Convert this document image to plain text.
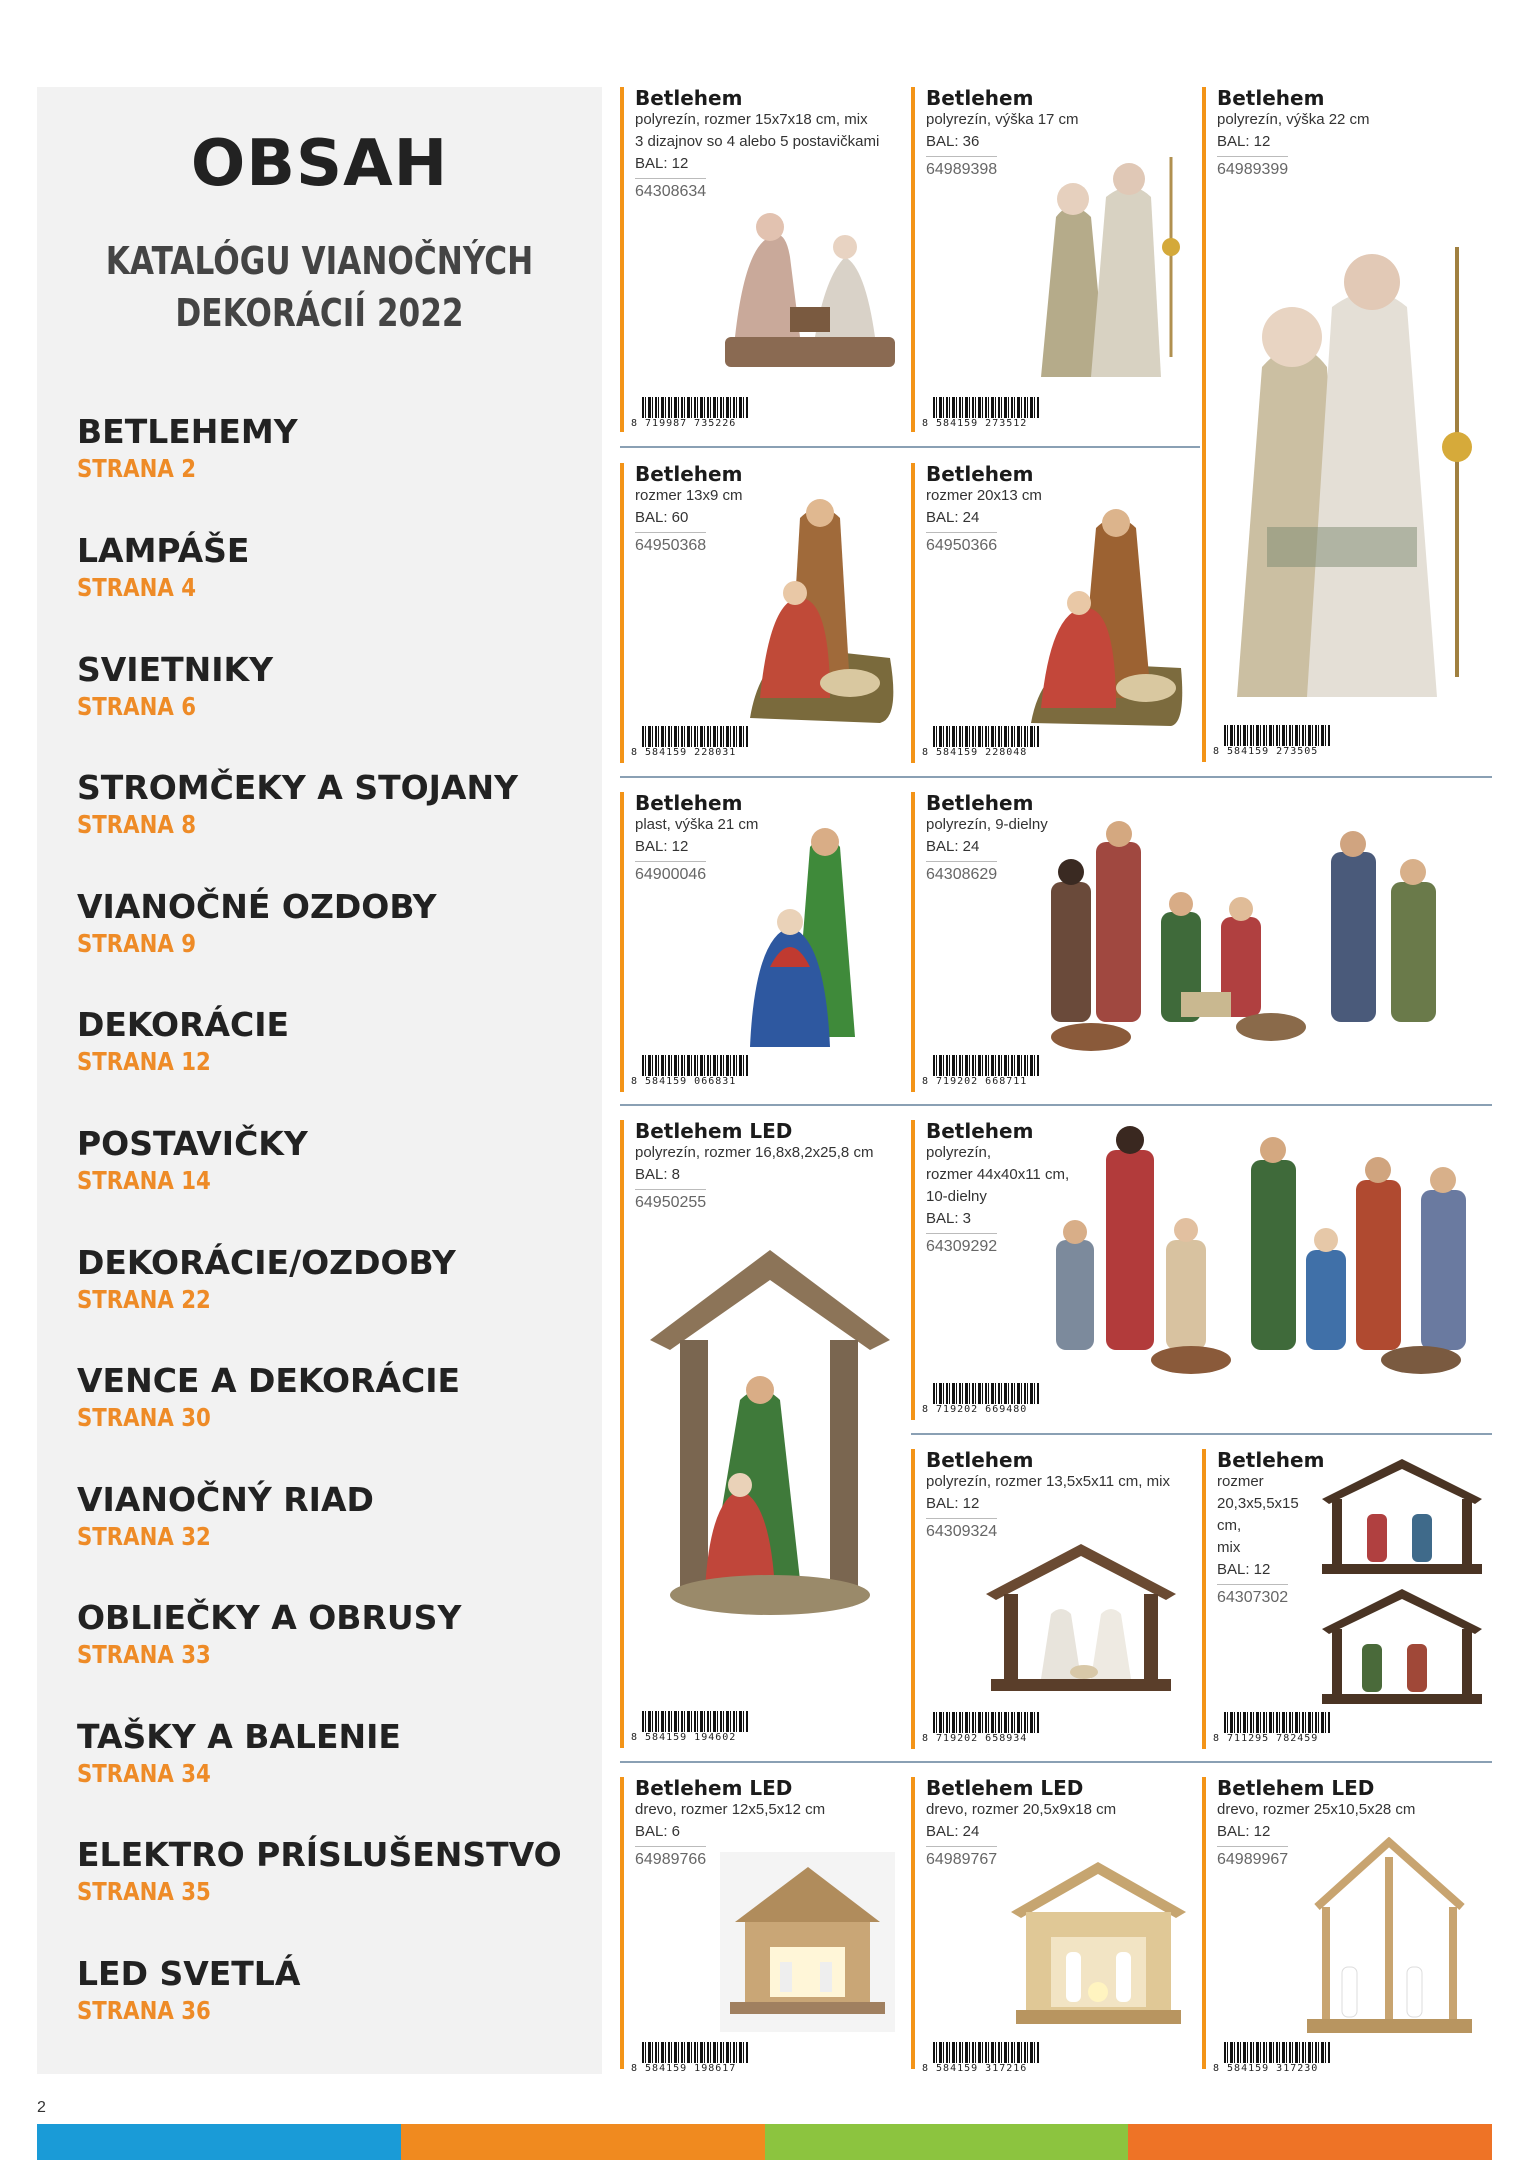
OBSAH
KATALÓGU VIANOČNÝCH
DEKORÁCIÍ 2022
BETLEHEMY
STRANA 2
LAMPÁŠE
STRANA 4
SVIETNIKY
STRANA 6
STROMČEKY A STOJANY
STRANA 8
VIANOČNÉ OZDOBY
STRANA 9
DEKORÁCIE
STRANA 12
POSTAVIČKY
STRANA 14
DEKORÁCIE/OZDOBY
STRANA 22
VENCE A DEKORÁCIE
STRANA 30
VIANOČNÝ RIAD
STRANA 32
OBLIEČKY A OBRUSY
STRANA 33
TAŠKY A BALENIE
STRANA 34
ELEKTRO PRÍSLUŠENSTVO
STRANA 35
LED SVETLÁ
STRANA 36
Betlehem
polyrezín, rozmer 15x7x18 cm, mix
3 dizajnov so 4 alebo 5 postavičkami
BAL: 12
64308634
8 719987 735226
Betlehem
polyrezín, výška 17 cm
BAL: 36
64989398
8 584159 273512
Betlehem
polyrezín, výška 22 cm
BAL: 12
64989399
8 584159 273505
Betlehem
rozmer 13x9 cm
BAL: 60
64950368
8 584159 228031
Betlehem
rozmer 20x13 cm
BAL: 24
64950366
8 584159 228048
Betlehem
plast, výška 21 cm
BAL: 12
64900046
8 584159 066831
Betlehem
polyrezín, 9-dielny
BAL: 24
64308629
8 719202 668711
Betlehem LED
polyrezín, rozmer 16,8x8,2x25,8 cm
BAL: 8
64950255
8 584159 194602
Betlehem
polyrezín,
rozmer 44x40x11 cm,
10-dielny
BAL: 3
64309292
8 719202 669480
Betlehem
polyrezín, rozmer 13,5x5x11 cm, mix
BAL: 12
64309324
8 719202 658934
Betlehem
rozmer
20,3x5,5x15 cm,
mix
BAL: 12
64307302
8 711295 782459
Betlehem LED
drevo, rozmer 12x5,5x12 cm
BAL: 6
64989766
8 584159 198617
Betlehem LED
drevo, rozmer 20,5x9x18 cm
BAL: 24
64989767
8 584159 317216
Betlehem LED
drevo, rozmer 25x10,5x28 cm
BAL: 12
64989967
8 584159 317230
2
